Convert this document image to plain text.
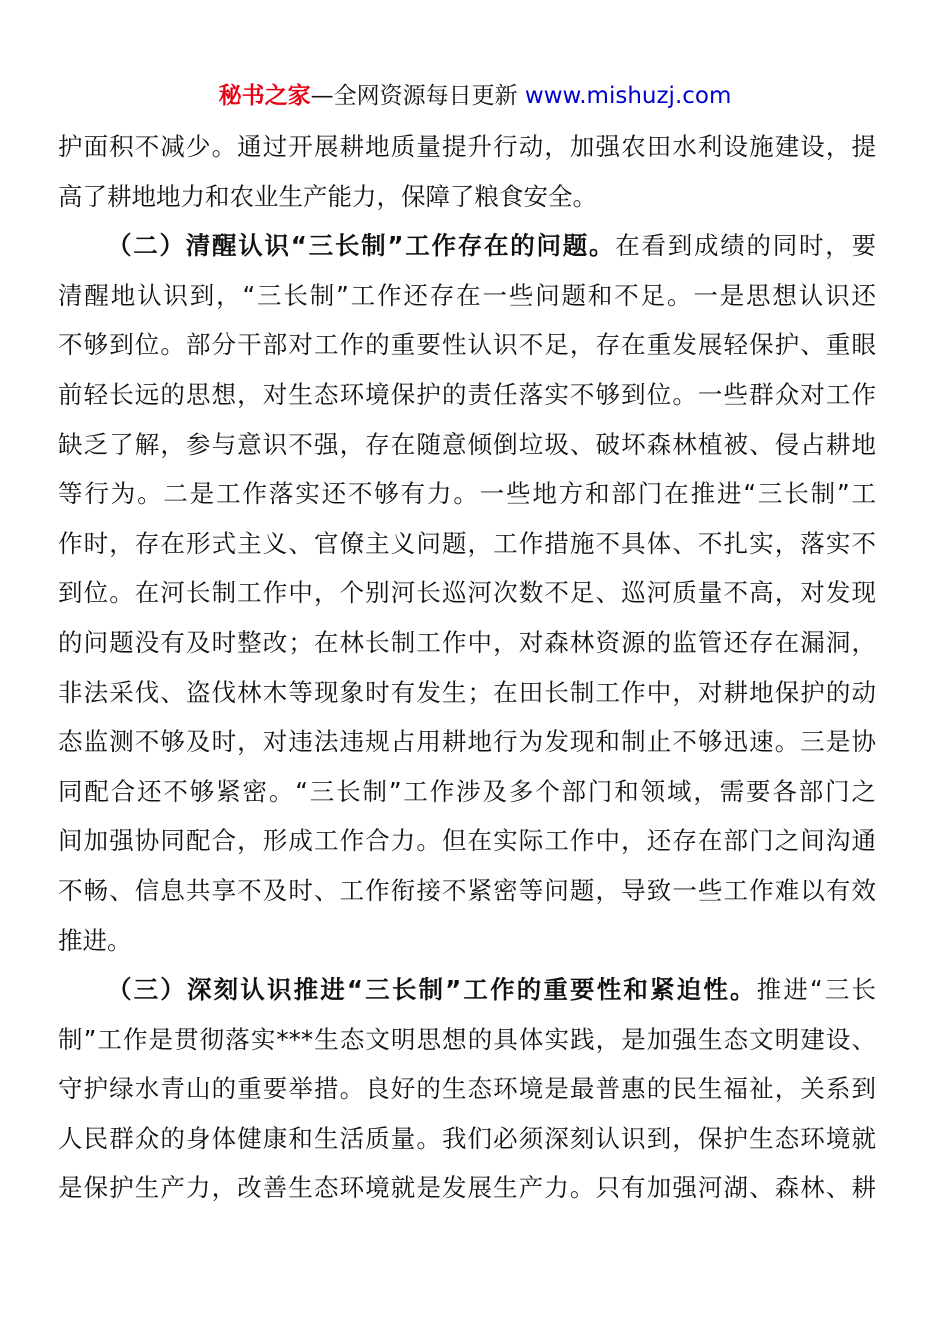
秘书之家—全网资源每日更新 www.mishuzj.com
护面积不减少。通过开展耕地质量提升行动，加强农田水利设施建设，提
高了耕地地力和农业生产能力，保障了粮食安全。
（二）清醒认识“三长制”工作存在的问题。在看到成绩的同时，要
清醒地认识到，“三长制”工作还存在一些问题和不足。一是思想认识还
不够到位。部分干部对工作的重要性认识不足，存在重发展轻保护、重眼
前轻长远的思想，对生态环境保护的责任落实不够到位。一些群众对工作
缺乏了解，参与意识不强，存在随意倾倒垃圾、破坏森林植被、侵占耕地
等行为。二是工作落实还不够有力。一些地方和部门在推进“三长制”工
作时，存在形式主义、官僚主义问题，工作措施不具体、不扎实，落实不
到位。在河长制工作中，个别河长巡河次数不足、巡河质量不高，对发现
的问题没有及时整改；在林长制工作中，对森林资源的监管还存在漏洞，
非法采伐、盗伐林木等现象时有发生；在田长制工作中，对耕地保护的动
态监测不够及时，对违法违规占用耕地行为发现和制止不够迅速。三是协
同配合还不够紧密。“三长制”工作涉及多个部门和领域，需要各部门之
间加强协同配合，形成工作合力。但在实际工作中，还存在部门之间沟通
不畅、信息共享不及时、工作衔接不紧密等问题，导致一些工作难以有效
推进。
（三）深刻认识推进“三长制”工作的重要性和紧迫性。推进“三长
制”工作是贯彻落实***生态文明思想的具体实践，是加强生态文明建设、
守护绿水青山的重要举措。良好的生态环境是最普惠的民生福祉，关系到
人民群众的身体健康和生活质量。我们必须深刻认识到，保护生态环境就
是保护生产力，改善生态环境就是发展生产力。只有加强河湖、森林、耕
